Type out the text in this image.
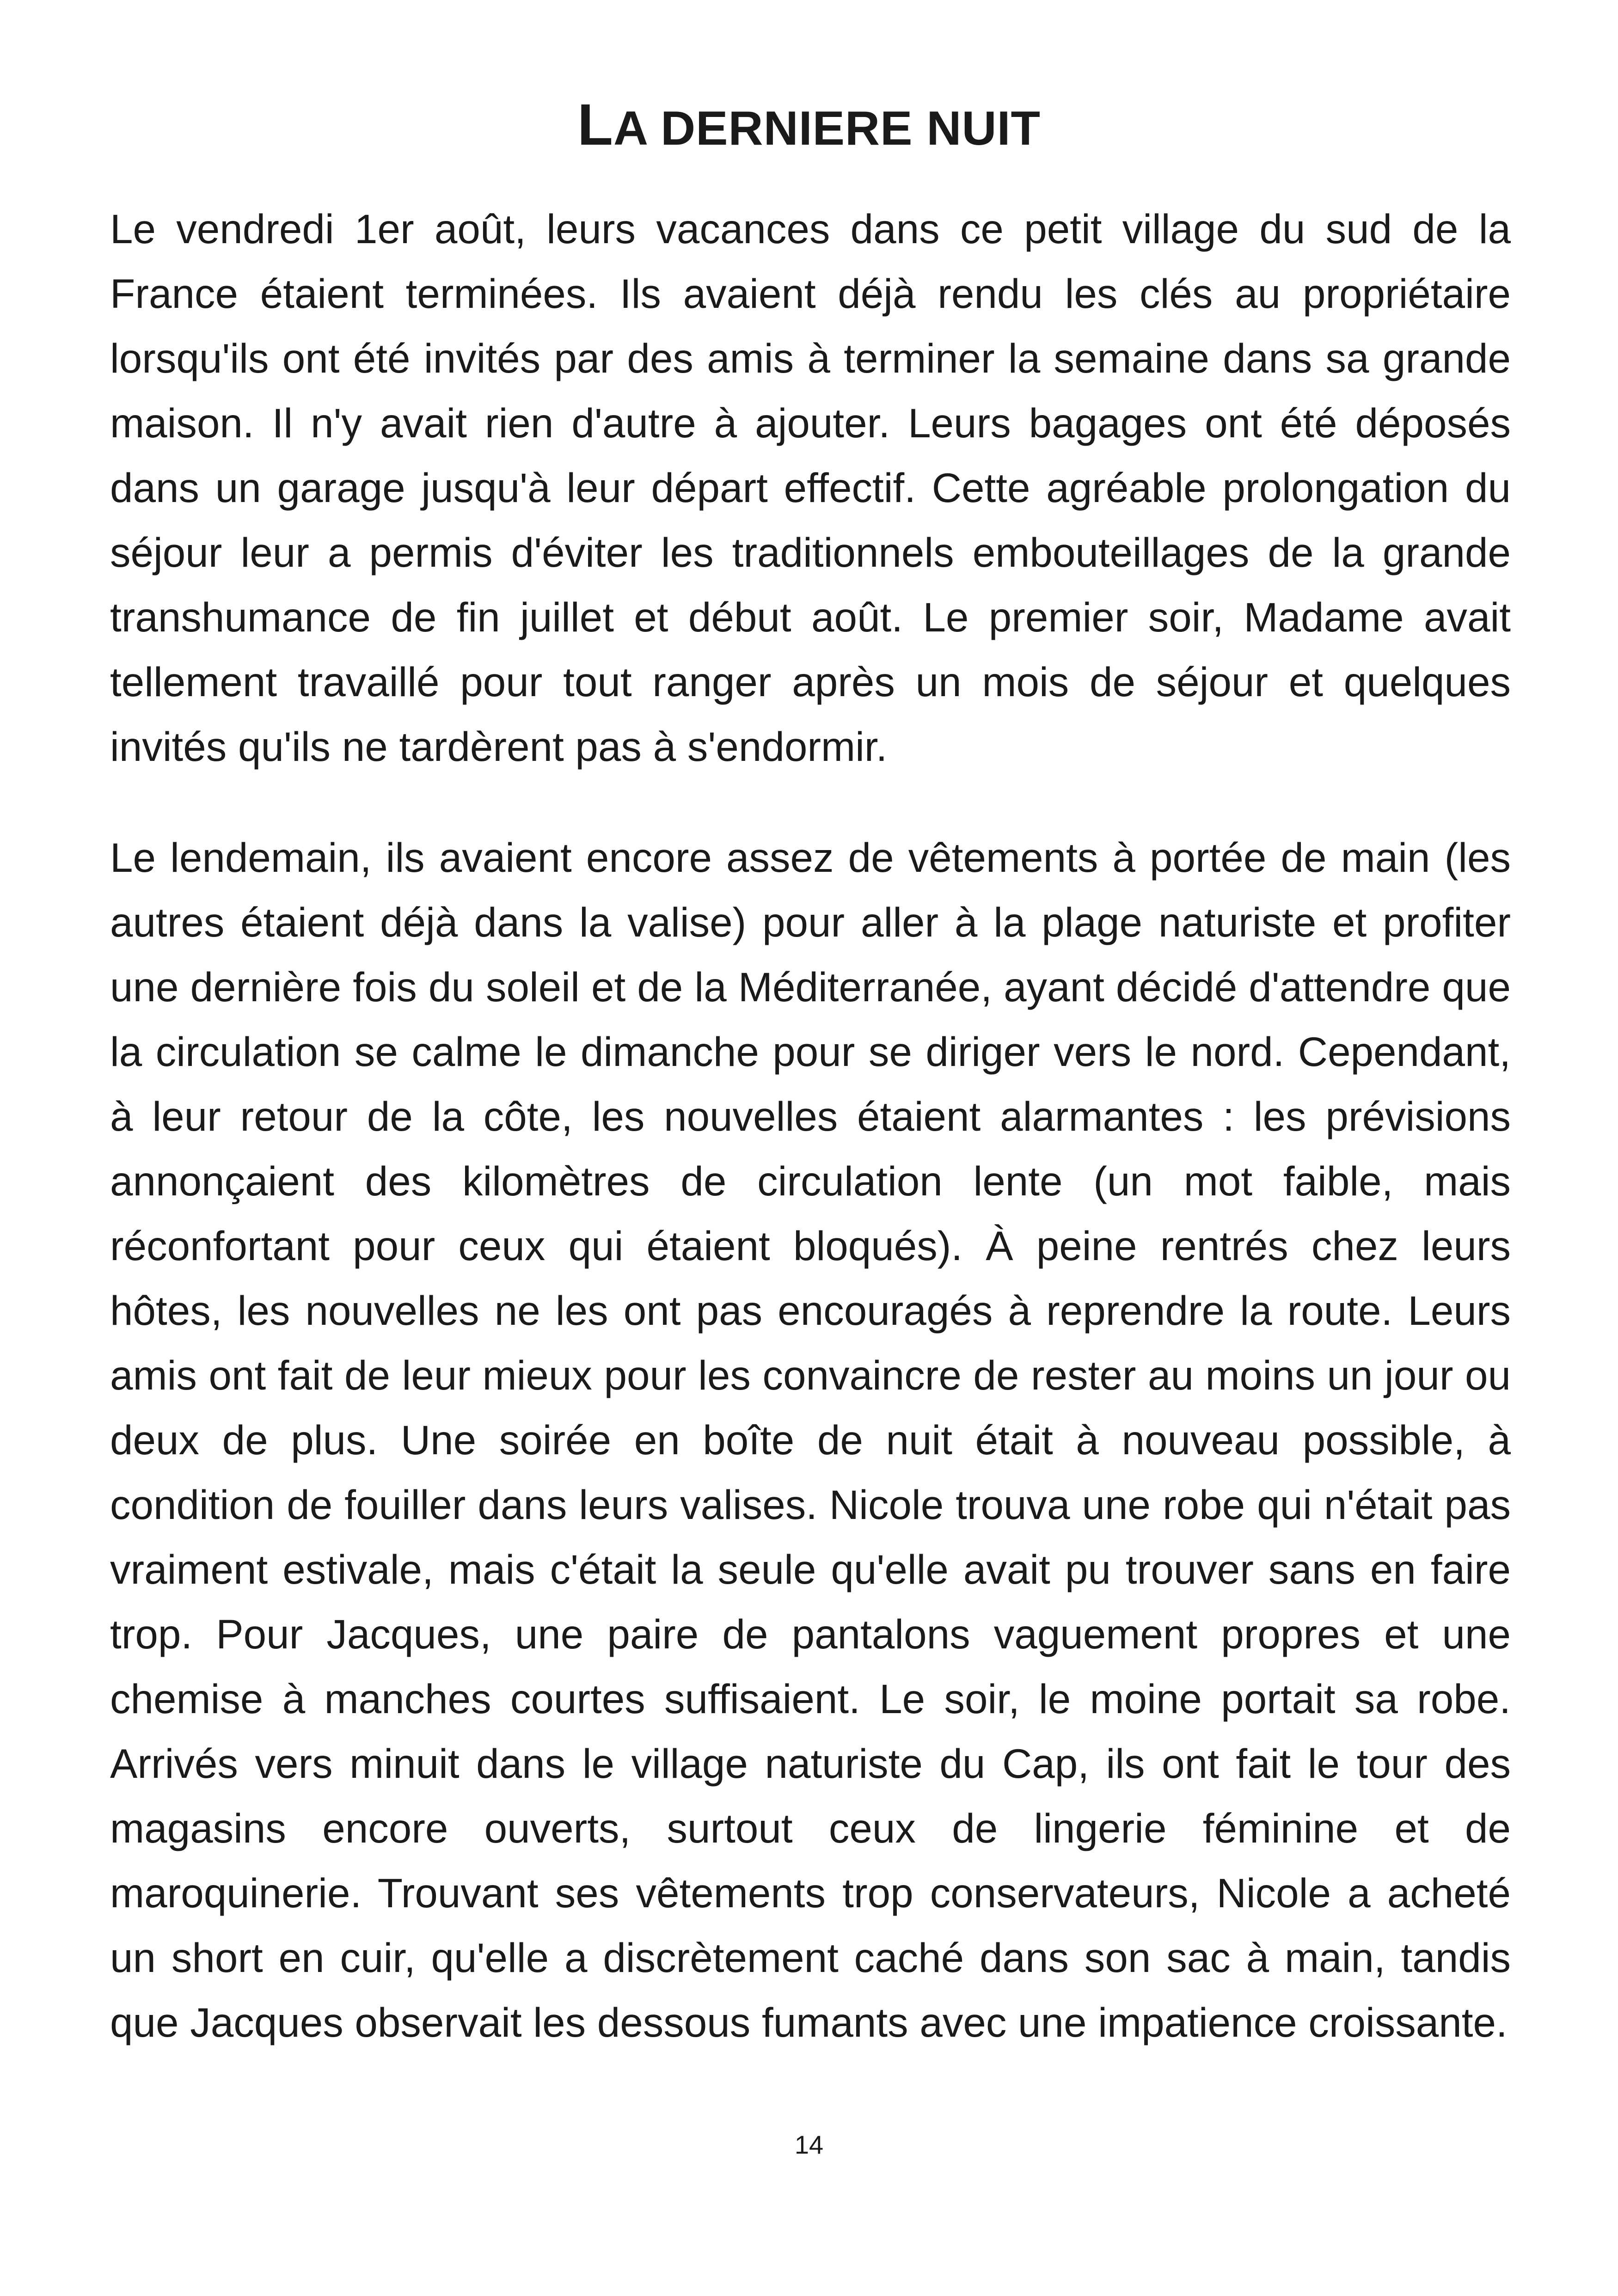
LA DERNIERE NUIT

Le vendredi 1er août, leurs vacances dans ce petit village du sud de la France étaient terminées. Ils avaient déjà rendu les clés au propriétaire lorsqu'ils ont été invités par des amis à terminer la semaine dans sa grande maison. Il n'y avait rien d'autre à ajouter. Leurs bagages ont été déposés dans un garage jusqu'à leur départ effectif. Cette agréable prolongation du séjour leur a permis d'éviter les traditionnels embouteillages de la grande transhumance de fin juillet et début août. Le premier soir, Madame avait tellement travaillé pour tout ranger après un mois de séjour et quelques invités qu'ils ne tardèrent pas à s'endormir.

Le lendemain, ils avaient encore assez de vêtements à portée de main (les autres étaient déjà dans la valise) pour aller à la plage naturiste et profiter une dernière fois du soleil et de la Méditerranée, ayant décidé d'attendre que la circulation se calme le dimanche pour se diriger vers le nord. Cependant, à leur retour de la côte, les nouvelles étaient alarmantes : les prévisions annonçaient des kilomètres de circulation lente (un mot faible, mais réconfortant pour ceux qui étaient bloqués). À peine rentrés chez leurs hôtes, les nouvelles ne les ont pas encouragés à reprendre la route. Leurs amis ont fait de leur mieux pour les convaincre de rester au moins un jour ou deux de plus. Une soirée en boîte de nuit était à nouveau possible, à condition de fouiller dans leurs valises. Nicole trouva une robe qui n'était pas vraiment estivale, mais c'était la seule qu'elle avait pu trouver sans en faire trop. Pour Jacques, une paire de pantalons vaguement propres et une chemise à manches courtes suffisaient. Le soir, le moine portait sa robe. Arrivés vers minuit dans le village naturiste du Cap, ils ont fait le tour des magasins encore ouverts, surtout ceux de lingerie féminine et de maroquinerie. Trouvant ses vêtements trop conservateurs, Nicole a acheté un short en cuir, qu'elle a discrètement caché dans son sac à main, tandis que Jacques observait les dessous fumants avec une impatience croissante.

14
